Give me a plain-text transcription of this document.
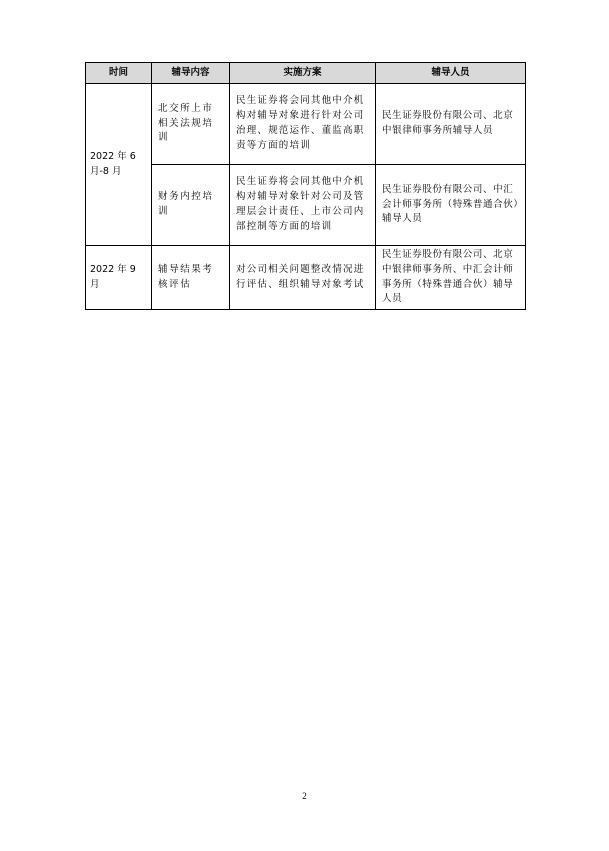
时间	辅导内容	实施方案	辅导人员
2022 年 6 月-8 月	北交所上市相关法规培训	民生证券将会同其他中介机构对辅导对象进行针对公司治理、规范运作、董监高职责等方面的培训	民生证券股份有限公司、北京中银律师事务所辅导人员
	财务内控培训	民生证券将会同其他中介机构对辅导对象针对公司及管理层会计责任、上市公司内部控制等方面的培训	民生证券股份有限公司、中汇会计师事务所（特殊普通合伙）辅导人员
2022 年 9 月	辅导结果考核评估	对公司相关问题整改情况进行评估、组织辅导对象考试	民生证券股份有限公司、北京中银律师事务所、中汇会计师事务所（特殊普通合伙）辅导人员
2
